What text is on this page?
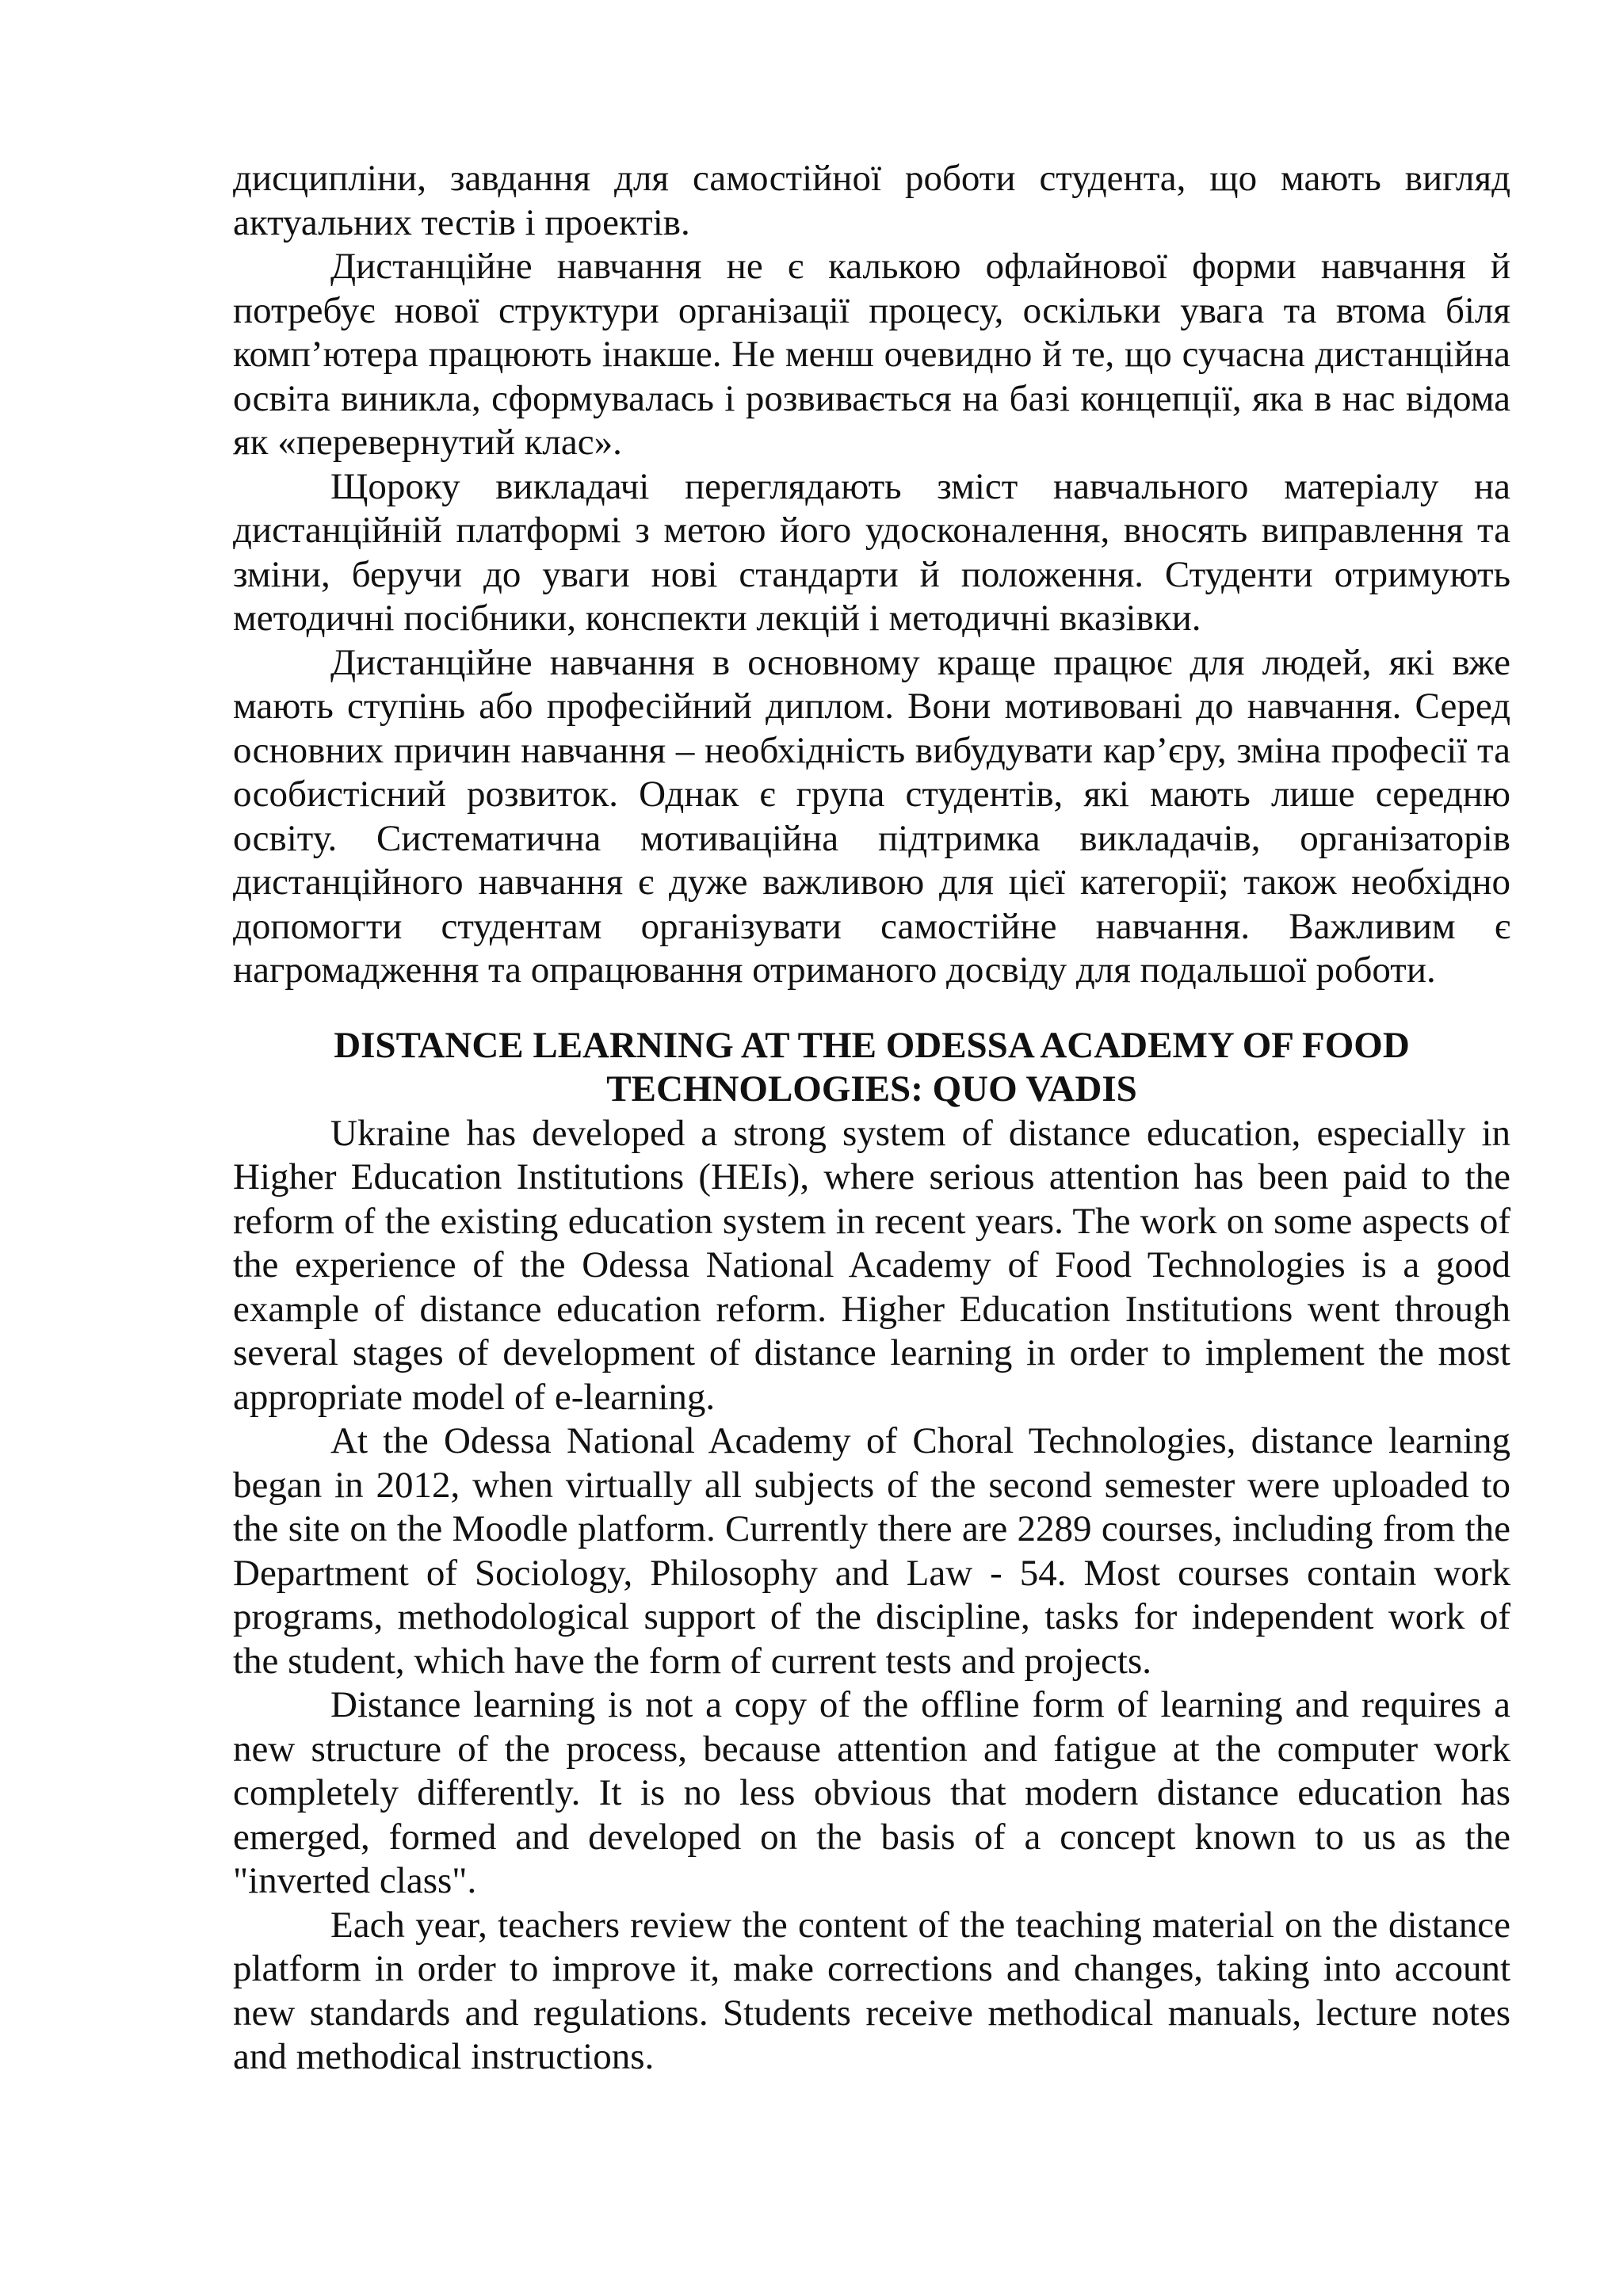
дисципліни, завдання для самостійної роботи студента, що мають вигляд актуальних тестів і проектів.

Дистанційне навчання не є калькою офлайнової форми навчання й потребує нової структури організації процесу, оскільки увага та втома біля комп’ютера працюють інакше. Не менш очевидно й те, що сучасна дистанційна освіта виникла, сформувалась і розвивається на базі концепції, яка в нас відома як «перевернутий клас».

Щороку викладачі переглядають зміст навчального матеріалу на дистанційній платформі з метою його удосконалення, вносять виправлення та зміни, беручи до уваги нові стандарти й положення. Студенти отримують методичні посібники, конспекти лекцій і методичні вказівки.

Дистанційне навчання в основному краще працює для людей, які вже мають ступінь або професійний диплом. Вони мотивовані до навчання. Серед основних причин навчання – необхідність вибудувати кар’єру, зміна професії та особистісний розвиток. Однак є група студентів, які мають лише середню освіту. Систематична мотиваційна підтримка викладачів, організаторів дистанційного навчання є дуже важливою для цієї категорії; також необхідно допомогти студентам організувати самостійне навчання. Важливим є нагромадження та опрацювання отриманого досвіду для подальшої роботи.

DISTANCE LEARNING AT THE ODESSA ACADEMY OF FOOD
TECHNOLOGIES: QUO VADIS

Ukraine has developed a strong system of distance education, especially in Higher Education Institutions (HEIs), where serious attention has been paid to the reform of the existing education system in recent years. The work on some aspects of the experience of the Odessa National Academy of Food Technologies is a good example of distance education reform. Higher Education Institutions went through several stages of development of distance learning in order to implement the most appropriate model of e-learning.

At the Odessa National Academy of Choral Technologies, distance learning began in 2012, when virtually all subjects of the second semester were uploaded to the site on the Moodle platform. Currently there are 2289 courses, including from the Department of Sociology, Philosophy and Law - 54. Most courses contain work programs, methodological support of the discipline, tasks for independent work of the student, which have the form of current tests and projects.

Distance learning is not a copy of the offline form of learning and requires a new structure of the process, because attention and fatigue at the computer work completely differently. It is no less obvious that modern distance education has emerged, formed and developed on the basis of a concept known to us as the "inverted class".

Each year, teachers review the content of the teaching material on the distance platform in order to improve it, make corrections and changes, taking into account new standards and regulations. Students receive methodical manuals, lecture notes and methodical instructions.
